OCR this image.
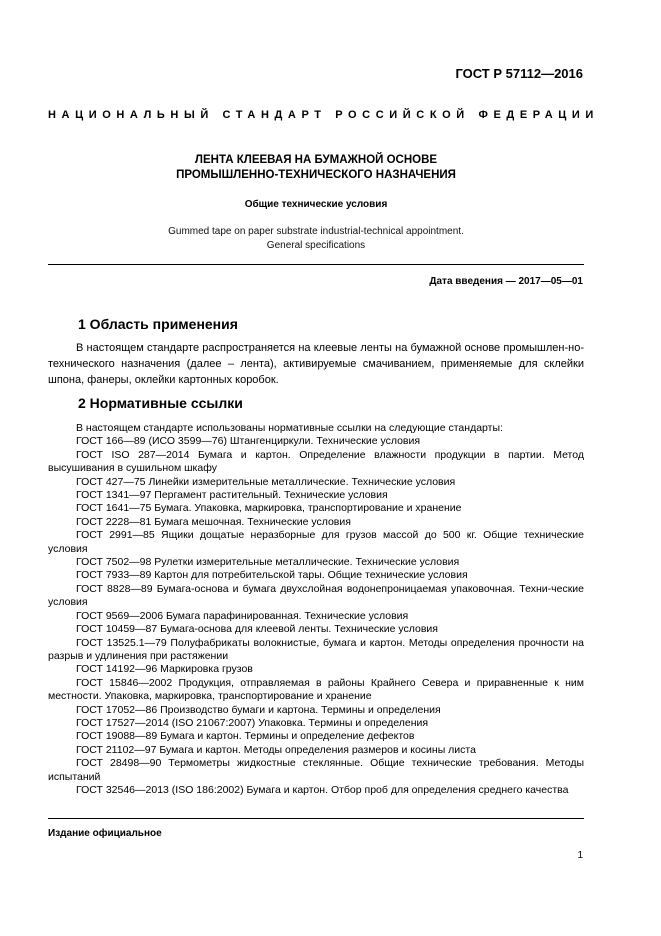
ГОСТ Р 57112—2016
НАЦИОНАЛЬНЫЙ СТАНДАРТ РОССИЙСКОЙ ФЕДЕРАЦИИ
ЛЕНТА КЛЕЕВАЯ НА БУМАЖНОЙ ОСНОВЕ
ПРОМЫШЛЕННО-ТЕХНИЧЕСКОГО НАЗНАЧЕНИЯ
Общие технические условия
Gummed tape on paper substrate industrial-technical appointment.
General specifications
Дата введения — 2017—05—01
1 Область применения
В настоящем стандарте распространяется на клеевые ленты на бумажной основе промышлен-но-технического назначения (далее – лента), активируемые смачиванием, применяемые для склейки шпона, фанеры, оклейки картонных коробок.
2 Нормативные ссылки
В настоящем стандарте использованы нормативные ссылки на следующие стандарты:
ГОСТ 166—89 (ИСО 3599—76) Штангенциркули. Технические условия
ГОСТ ISO 287—2014 Бумага и картон. Определение влажности продукции в партии. Метод высушивания в сушильном шкафу
ГОСТ 427—75 Линейки измерительные металлические. Технические условия
ГОСТ 1341—97 Пергамент растительный. Технические условия
ГОСТ 1641—75 Бумага. Упаковка, маркировка, транспортирование и хранение
ГОСТ 2228—81 Бумага мешочная. Технические условия
ГОСТ 2991—85 Ящики дощатые неразборные для грузов массой до 500 кг. Общие технические условия
ГОСТ 7502—98 Рулетки измерительные металлические. Технические условия
ГОСТ 7933—89 Картон для потребительской тары. Общие технические условия
ГОСТ 8828—89 Бумага-основа и бумага двухслойная водонепроницаемая упаковочная. Техни-ческие условия
ГОСТ 9569—2006 Бумага парафинированная. Технические условия
ГОСТ 10459—87 Бумага-основа для клеевой ленты. Технические условия
ГОСТ 13525.1—79 Полуфабрикаты волокнистые, бумага и картон. Методы определения прочности на разрыв и удлинения при растяжении
ГОСТ 14192—96 Маркировка грузов
ГОСТ 15846—2002 Продукция, отправляемая в районы Крайнего Севера и приравненные к ним местности. Упаковка, маркировка, транспортирование и хранение
ГОСТ 17052—86 Производство бумаги и картона. Термины и определения
ГОСТ 17527—2014 (ISO 21067:2007) Упаковка. Термины и определения
ГОСТ 19088—89 Бумага и картон. Термины и определение дефектов
ГОСТ 21102—97 Бумага и картон. Методы определения размеров и косины листа
ГОСТ 28498—90 Термометры жидкостные стеклянные. Общие технические требования. Методы испытаний
ГОСТ 32546—2013 (ISO 186:2002) Бумага и картон. Отбор проб для определения среднего качества
Издание официальное
1
